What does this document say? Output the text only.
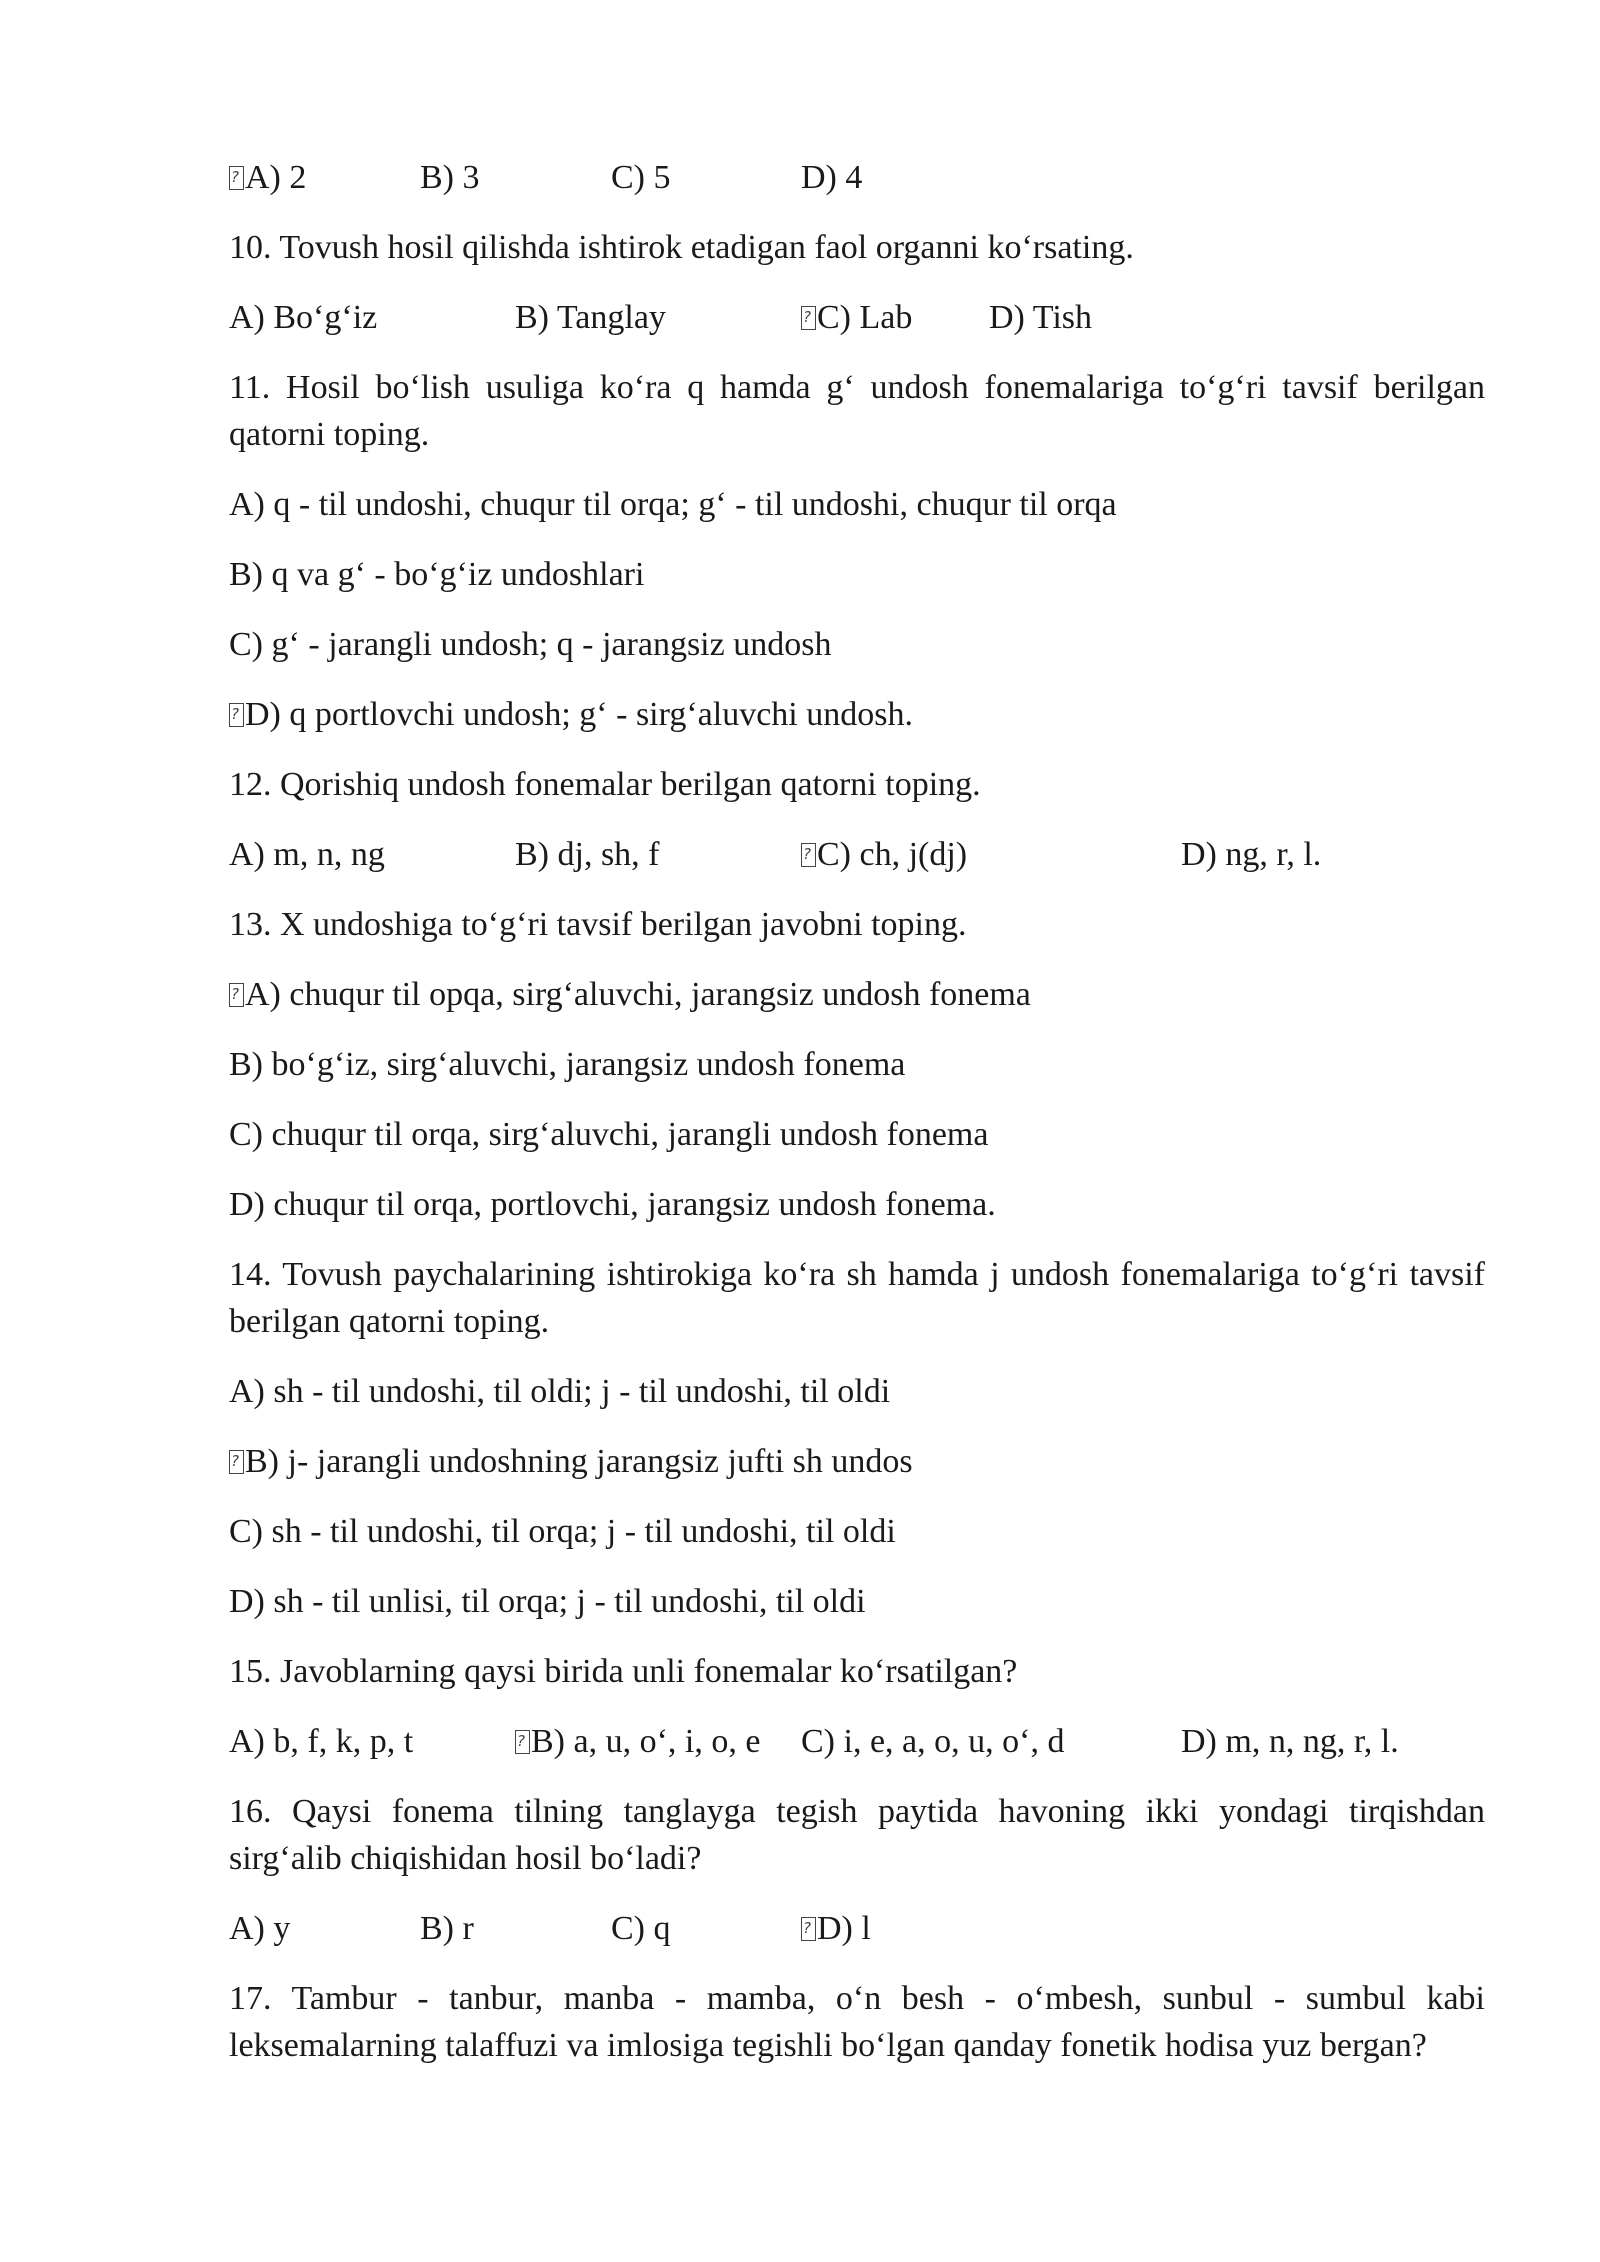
?A) 2	B) 3	C) 5	D) 4
10. Tovush hosil qilishda ishtirok etadigan faol organni koʻrsating.
A) Boʻgʻiz	B) Tanglay ?	C) Lab D) Tish
11. Hosil boʻlish usuliga koʻra q hamda gʻ undosh fonemalariga toʻgʻri tavsif berilgan qatorni toping.
A) q - til undoshi, chuqur til orqa; gʻ - til undoshi, chuqur til orqa
B) q va gʻ - boʻgʻiz undoshlari
C) gʻ - jarangli undosh; q - jarangsiz undosh
?D) q portlovchi undosh; gʻ - sirgʻaluvchi undosh.
12. Qorishiq undosh fonemalar berilgan qatorni toping.
A) m, n, ng	B) dj, sh, f ?	C) ch, j(dj)	D) ng, r, l.
13. X undoshiga toʻgʻri tavsif berilgan javobni toping.
?A) chuqur til opqa, sirgʻaluvchi, jarangsiz undosh fonema
B) boʻgʻiz, sirgʻaluvchi, jarangsiz undosh fonema
C) chuqur til orqa, sirgʻaluvchi, jarangli undosh fonema
D) chuqur til orqa, portlovchi, jarangsiz undosh fonema.
14. Tovush paychalarining ishtirokiga koʻra sh hamda j undosh fonemalariga toʻgʻri tavsif berilgan qatorni toping.
A) sh - til undoshi, til oldi; j - til undoshi, til oldi
?B) j- jarangli undoshning jarangsiz jufti sh undos
C) sh - til undoshi, til orqa; j - til undoshi, til oldi
D) sh - til unlisi, til orqa; j - til undoshi, til oldi
15. Javoblarning qaysi birida unli fonemalar koʻrsatilgan?
A) b, f, k, p, t ?	B) a, u, oʻ, i, o, e C) i, e, a, o, u, oʻ, d	D) m, n, ng, r, l.
16. Qaysi fonema tilning tanglayga tegish paytida havoning ikki yondagi tirqishdan sirgʻalib chiqishidan hosil boʻladi?
A) y	B) r	C) q ?	D) l
17. Tambur - tanbur, manba - mamba, oʻn besh - oʻmbesh, sunbul - sumbul kabi leksemalarning talaffuzi va imlosiga tegishli boʻlgan qanday fonetik hodisa yuz bergan?
